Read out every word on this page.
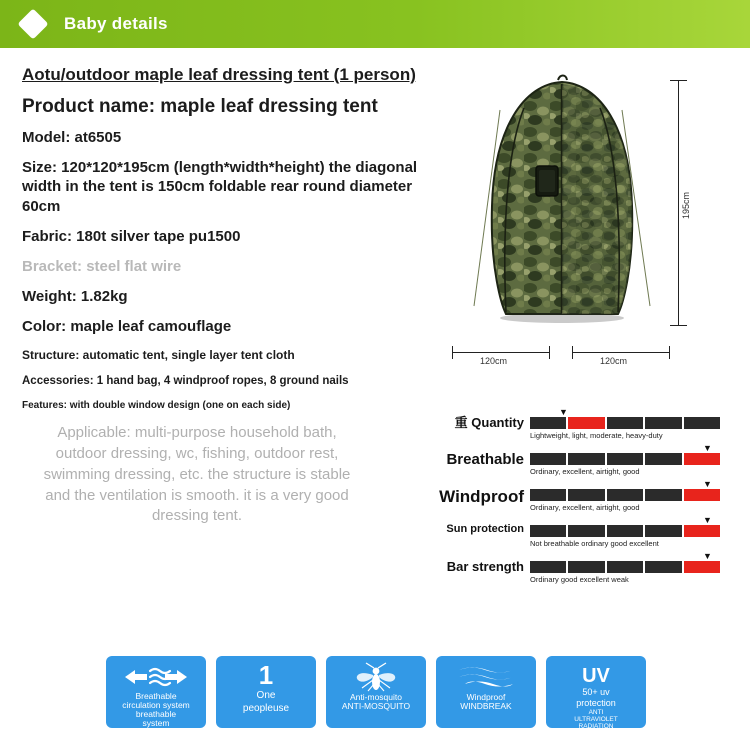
Baby details
Aotu/outdoor maple leaf dressing tent (1 person)
Product name: maple leaf dressing tent
Model: at6505
Size: 120*120*195cm (length*width*height) the diagonal width in the tent is 150cm foldable rear round diameter 60cm
Fabric: 180t silver tape pu1500
Bracket: steel flat wire
Weight: 1.82kg
Color: maple leaf camouflage
Structure: automatic tent, single layer tent cloth
Accessories: 1 hand bag, 4 windproof ropes, 8 ground nails
Features: with double window design (one on each side)
Applicable: multi-purpose household bath, outdoor dressing, wc, fishing, outdoor rest, swimming dressing, etc. the structure is stable and the ventilation is smooth. it is a very good dressing tent.
195cm
120cm	120cm
▼
重 Quantity
Lightweight, light, moderate, heavy-duty
▼
Breathable
Ordinary, excellent, airtight, good
▼
Windproof
Ordinary, excellent, airtight, good
▼
Sun protection
Not breathable ordinary good excellent
▼
Bar strength
Ordinary good excellent weak
Breathable
circulation system
breathable
system
1
One
peopleuse
Anti-mosquito
ANTI-MOSQUITO
Windproof
WINDBREAK
UV
50+ uv
protection
ANTI
ULTRAVIOLET
RADIATION
